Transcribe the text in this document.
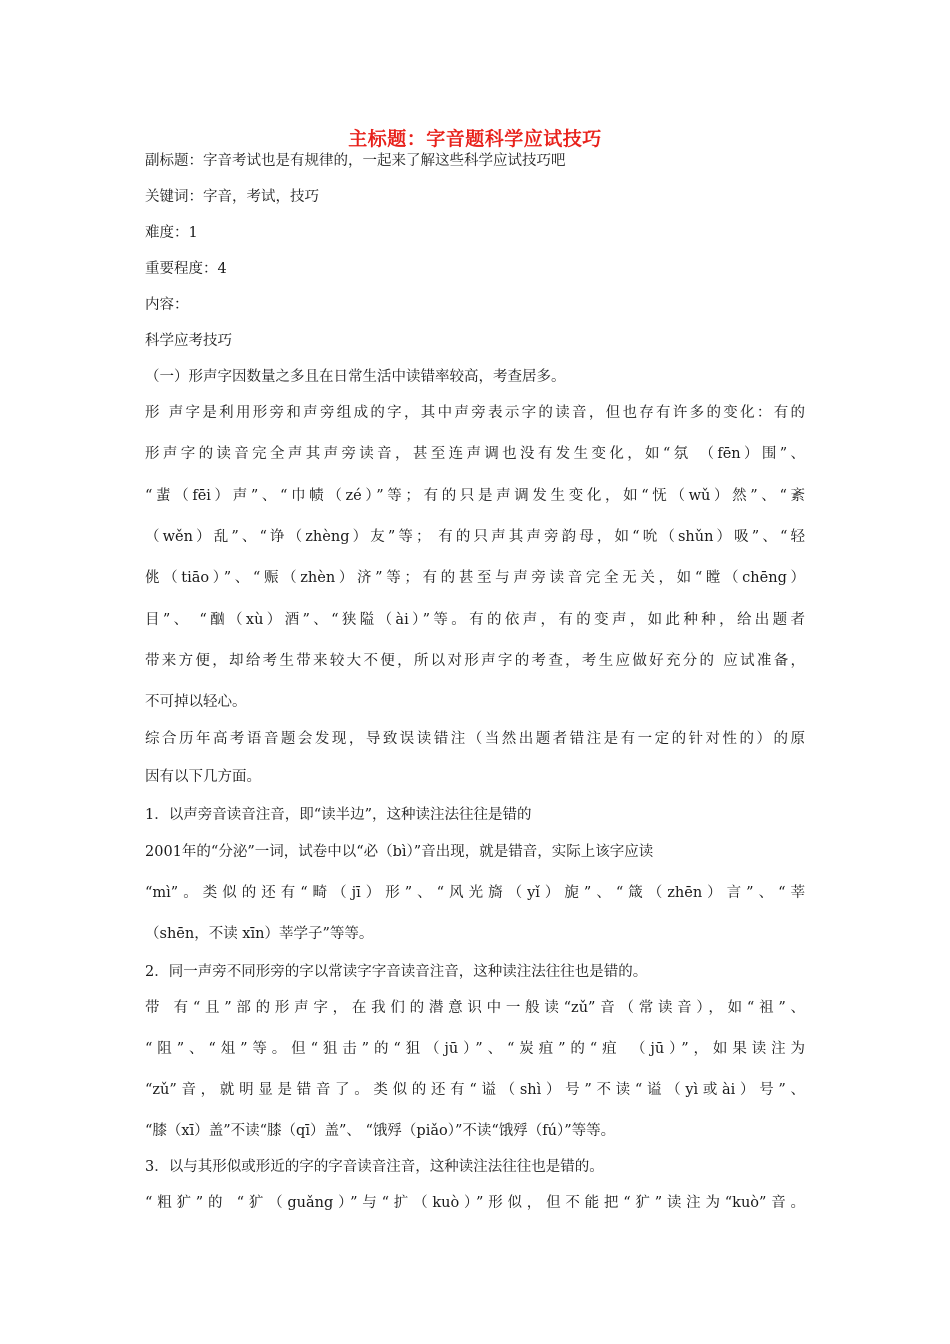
主标题：字音题科学应试技巧
副标题：字音考试也是有规律的，一起来了解这些科学应试技巧吧
关键词：字音，考试，技巧
难度：1
重要程度：4
内容：
科学应考技巧
（一）形声字因数量之多且在日常生活中读错率较高，考查居多。
形 声字是利用形旁和声旁组成的字，其中声旁表示字的读音，但也存有许多的变化：有的
形声字的读音完全声其声旁读音，甚至连声调也没有发生变化，如“氛 （fēn）围”、
“蜚（fēi）声”、“巾帻（zé）”等；有的只是声调发生变化，如“怃（wǔ）然”、“紊
（wěn）乱”、“诤（zhèng）友”等； 有的只声其声旁韵母，如“吮（shǔn）吸”、“轻
佻（tiāo）”、“赈（zhèn）济”等；有的甚至与声旁读音完全无关，如“瞠（chēng）
目”、 “酗（xù）酒”、“狭隘（ài）”等。有的依声，有的变声，如此种种，给出题者
带来方便，却给考生带来较大不便，所以对形声字的考查，考生应做好充分的 应试准备，
不可掉以轻心。
综合历年高考语音题会发现，导致误读错注（当然出题者错注是有一定的针对性的）的原
因有以下几方面。
1．以声旁音读音注音，即“读半边”，这种读注法往往是错的
2001年的“分泌”一词，试卷中以“必（bì）”音出现，就是错音，实际上该字应读
“mì”。类似的还有“畸（jī）形”、“风光旖（yǐ）旎”、“箴（zhēn）言”、“莘
（shēn，不读 xīn）莘学子”等等。
2．同一声旁不同形旁的字以常读字字音读音注音，这种读注法往往也是错的。
带 有“且”部的形声字，在我们的潜意识中一般读“zǔ”音（常读音），如“祖”、
“阻”、“俎”等。但“狙击”的“狙（jū）”、“炭疽”的“疽 （jū）”，如果读注为
“zǔ”音，就明显是错音了。类似的还有“谥（shì）号”不读“谥（yì或ài）号”、
“膝（xī）盖”不读“膝（qī）盖”、 “饿殍（piǎo）”不读“饿殍（fú）”等等。
3．以与其形似或形近的字的字音读音注音，这种读注法往往也是错的。
“粗犷”的 “犷（guǎng）”与“扩（kuò）”形似，但不能把“犷”读注为“kuò”音。
